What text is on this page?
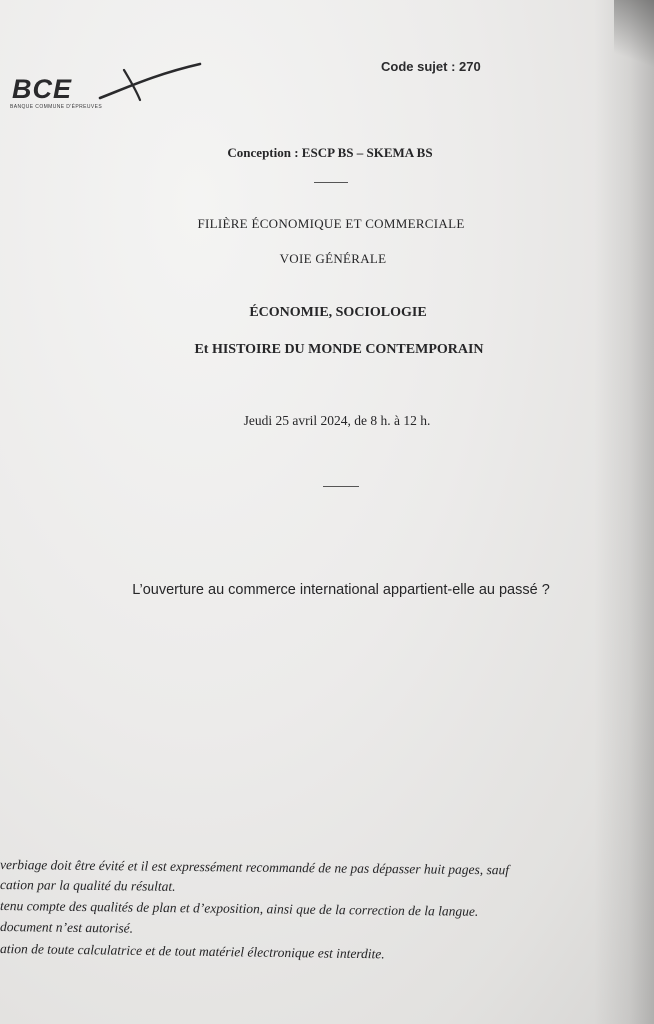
BCE
BANQUE COMMUNE D'ÉPREUVES
Code sujet : 270
Conception : ESCP BS – SKEMA BS
FILIÈRE ÉCONOMIQUE ET COMMERCIALE
VOIE GÉNÉRALE
ÉCONOMIE, SOCIOLOGIE
Et HISTOIRE DU MONDE CONTEMPORAIN
Jeudi 25 avril 2024, de 8 h. à 12 h.
L’ouverture au commerce international appartient-elle au passé ?
verbiage doit être évité et il est expressément recommandé de ne pas dépasser huit pages, sauf
cation par la qualité du résultat.
tenu compte des qualités de plan et d’exposition, ainsi que de la correction de la langue.
document n’est autorisé.
ation de toute calculatrice et de tout matériel électronique est interdite.
